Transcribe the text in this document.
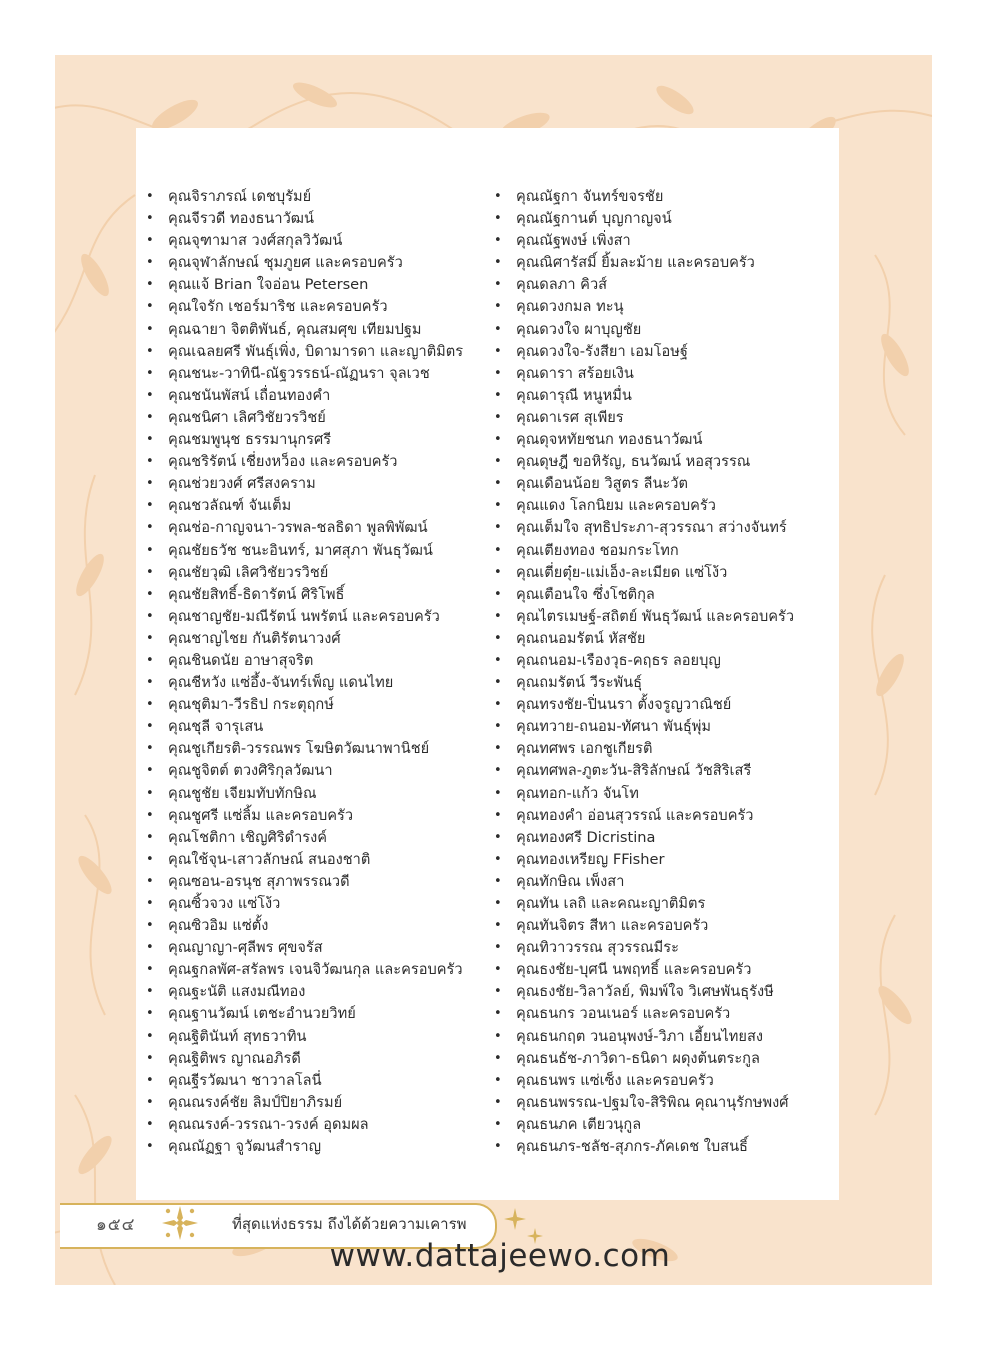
• คุณจิราภรณ์ เดชบุรัมย์
• คุณจีรวดี ทองธนาวัฒน์
• คุณจุฑามาส วงศ์สกุลวิวัฒน์
• คุณจุฬาลักษณ์ ชุมภูยศ และครอบครัว
• คุณแจ้ Brian ใจอ่อน Petersen
• คุณใจรัก เชอร์มาริช และครอบครัว
• คุณฉายา จิตติพันธ์, คุณสมศุข เทียมปฐม
• คุณเฉลยศรี พันธุ์เพิ่ง, บิดามารดา และญาติมิตร
• คุณชนะ-วาทินี-ณัฐวรรธน์-ณัฏนรา จุลเวช
• คุณชนันพัสน์ เถื่อนทองคำ
• คุณชนิศา เลิศวิชัยวรวิชย์
• คุณชมพูนุช ธรรมานุกรศรี
• คุณชริรัตน์ เชี่ยงหว็อง และครอบครัว
• คุณช่วยวงศ์ ศรีสงคราม
• คุณชวลัณฑ์ จันเต็ม
• คุณช่อ-กาญจนา-วรพล-ชลธิดา พูลพิพัฒน์
• คุณชัยธวัช ชนะอินทร์, มาศสุภา พันธุวัฒน์
• คุณชัยวุฒิ เลิศวิชัยวรวิชย์
• คุณชัยสิทธิ์-ธิดารัตน์ ศิริโพธิ์
• คุณชาญชัย-มณีรัตน์ นพรัตน์ และครอบครัว
• คุณชาญไชย กันติรัตนาวงศ์
• คุณชินดนัย อาษาสุจริต
• คุณชีหวัง แซ่อึ้ง-จันทร์เพ็ญ แดนไทย
• คุณชุติมา-วีรธิป กระตุฤกษ์
• คุณชุลี จารุเสน
• คุณชูเกียรติ-วรรณพร โฆษิตวัฒนาพานิชย์
• คุณชูจิตต์ ตวงศิริกุลวัฒนา
• คุณชูชัย เจียมทับทักษิณ
• คุณชูศรี แซ่ลิ้ม และครอบครัว
• คุณโชติกา เชิญศิริดำรงค์
• คุณใช้จุน-เสาวลักษณ์ สนองชาติ
• คุณซอน-อรนุช สุภาพรรณวดี
• คุณซิ้วจวง แซ่โง้ว
• คุณซิวอิม แซ่ตั้ง
• คุณญาญา-ศุลีพร ศุขจรัส
• คุณฐกลพัศ-สรัลพร เจนจิวัฒนกุล และครอบครัว
• คุณฐะนัติ แสงมณีทอง
• คุณฐานวัฒน์ เตชะอำนวยวิทย์
• คุณฐิตินันท์ สุทธวาทิน
• คุณฐิติพร ญาณอภิรดี
• คุณฐีรวัฒนา ชาวาลโลนี่
• คุณณรงค์ชัย ลิมป์ปิยาภิรมย์
• คุณณรงค์-วรรณา-วรงค์ อุดมผล
• คุณณัฏฐา จูวัฒนสำราญ
• คุณณัฐกา จันทร์ขจรชัย
• คุณณัฐกานต์ บุญกาญจน์
• คุณณัฐพงษ์ เพิ่งสา
• คุณณิศารัสมิ์ ยิ้มละม้าย และครอบครัว
• คุณดลภา คิวส์
• คุณดวงกมล ทะนุ
• คุณดวงใจ ผาบุญชัย
• คุณดวงใจ-รังสียา เอมโอษฐ์
• คุณดารา สร้อยเงิน
• คุณดารุณี หนูหมื่น
• คุณดาเรศ สุเพียร
• คุณดุจหทัยชนก ทองธนาวัฒน์
• คุณดุษฎี ขอหิรัญ, ธนวัฒน์ หอสุวรรณ
• คุณเดือนน้อย วิสูตร ลีนะวัต
• คุณแดง โลกนิยม และครอบครัว
• คุณเต็มใจ สุทธิประภา-สุวรรณา สว่างจันทร์
• คุณเตียงทอง ชอมกระโทก
• คุณเตี่ยตุ๋ย-แม่เอ็ง-ละเมียด แซ่โง้ว
• คุณเตือนใจ ซึ่งโชติกุล
• คุณไตรเมษฐ์-สถิตย์ พันธุวัฒน์ และครอบครัว
• คุณถนอมรัตน์ หัสชัย
• คุณถนอม-เรืองวุธ-คฤธร ลอยบุญ
• คุณถมรัตน์ วีระพันธุ์
• คุณทรงชัย-ปิ่นนรา ตั้งจรูญวาณิชย์
• คุณทวาย-ถนอม-ทัศนา พันธุ์พุ่ม
• คุณทศพร เอกชูเกียรติ
• คุณทศพล-ภูตะวัน-สิริลักษณ์ วัชสิริเสรี
• คุณทอก-แก้ว จันโท
• คุณทองคำ อ่อนสุวรรณ์ และครอบครัว
• คุณทองศรี Dicristina
• คุณทองเหรียญ FFisher
• คุณทักษิณ เพ็งสา
• คุณทัน เลถิ และคณะญาติมิตร
• คุณทันจิตร สีหา และครอบครัว
• คุณทิวาวรรณ สุวรรณมีระ
• คุณธงชัย-บุศนี นพฤทธิ์ และครอบครัว
• คุณธงชัย-วิลาวัลย์, พิมพ์ใจ วิเศษพันธุรังษี
• คุณธนกร วอนเนอร์ และครอบครัว
• คุณธนกฤต วนอนุพงษ์-วิภา เอี้ยนไทยสง
• คุณธนธัช-ภาวิดา-ธนิดา ผดุงต้นตระกูล
• คุณธนพร แซ่เซ็ง และครอบครัว
• คุณธนพรรณ-ปฐมใจ-สิริพิณ คุณานุรักษพงศ์
• คุณธนภค เตียวนุกูล
• คุณธนภร-ชลัช-สุภกร-ภัคเดช ใบสนธิ์
๑๕๔	ที่สุดแห่งธรรม ถึงได้ด้วยความเคารพ
www.dattajeewo.com
